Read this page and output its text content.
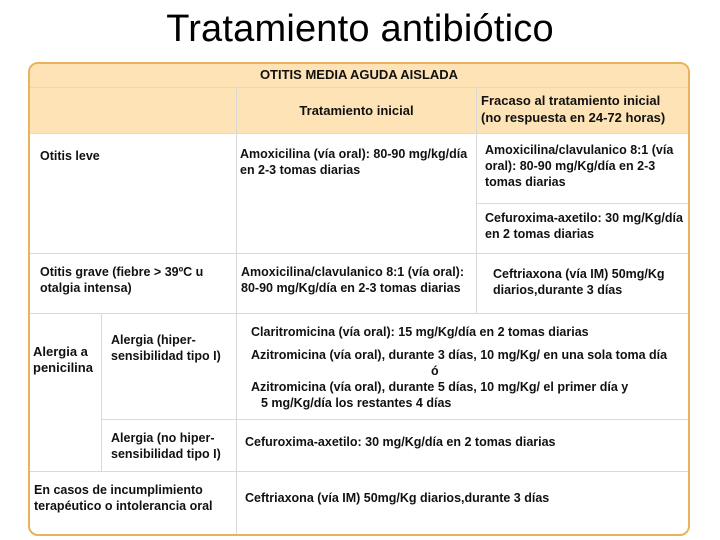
Tratamiento antibiótico
OTITIS MEDIA AGUDA AISLADA
Tratamiento inicial
Fracaso al tratamiento inicial
(no respuesta en 24-72 horas)
Otitis leve	Amoxicilina (vía oral): 80-90 mg/kg/día
en 2-3 tomas diarias
Amoxicilina/clavulanico 8:1 (vía
oral): 80-90 mg/Kg/día en 2-3
tomas diarias
Cefuroxima-axetilo: 30 mg/Kg/día
en 2 tomas diarias
Otitis grave (fiebre > 39ºC u
otalgia intensa)
Amoxicilina/clavulanico 8:1 (vía oral):
80-90 mg/Kg/día en 2-3 tomas diarias
Ceftriaxona (vía IM) 50mg/Kg
diarios,durante 3 días
Alergia a
penicilina
Alergia (hiper-
sensibilidad tipo I)
Claritromicina (vía oral): 15 mg/Kg/día en 2 tomas diarias
Azitromicina (vía oral), durante 3 días, 10 mg/Kg/ en una sola toma día
ó
Azitromicina (vía oral), durante 5 días, 10 mg/Kg/ el primer día y
5 mg/Kg/día los restantes 4 días
Alergia (no hiper-
sensibilidad tipo I)
Cefuroxima-axetilo: 30 mg/Kg/día en 2 tomas diarias
En casos de incumplimiento
terapéutico o intolerancia oral
Ceftriaxona (vía IM) 50mg/Kg diarios,durante 3 días
